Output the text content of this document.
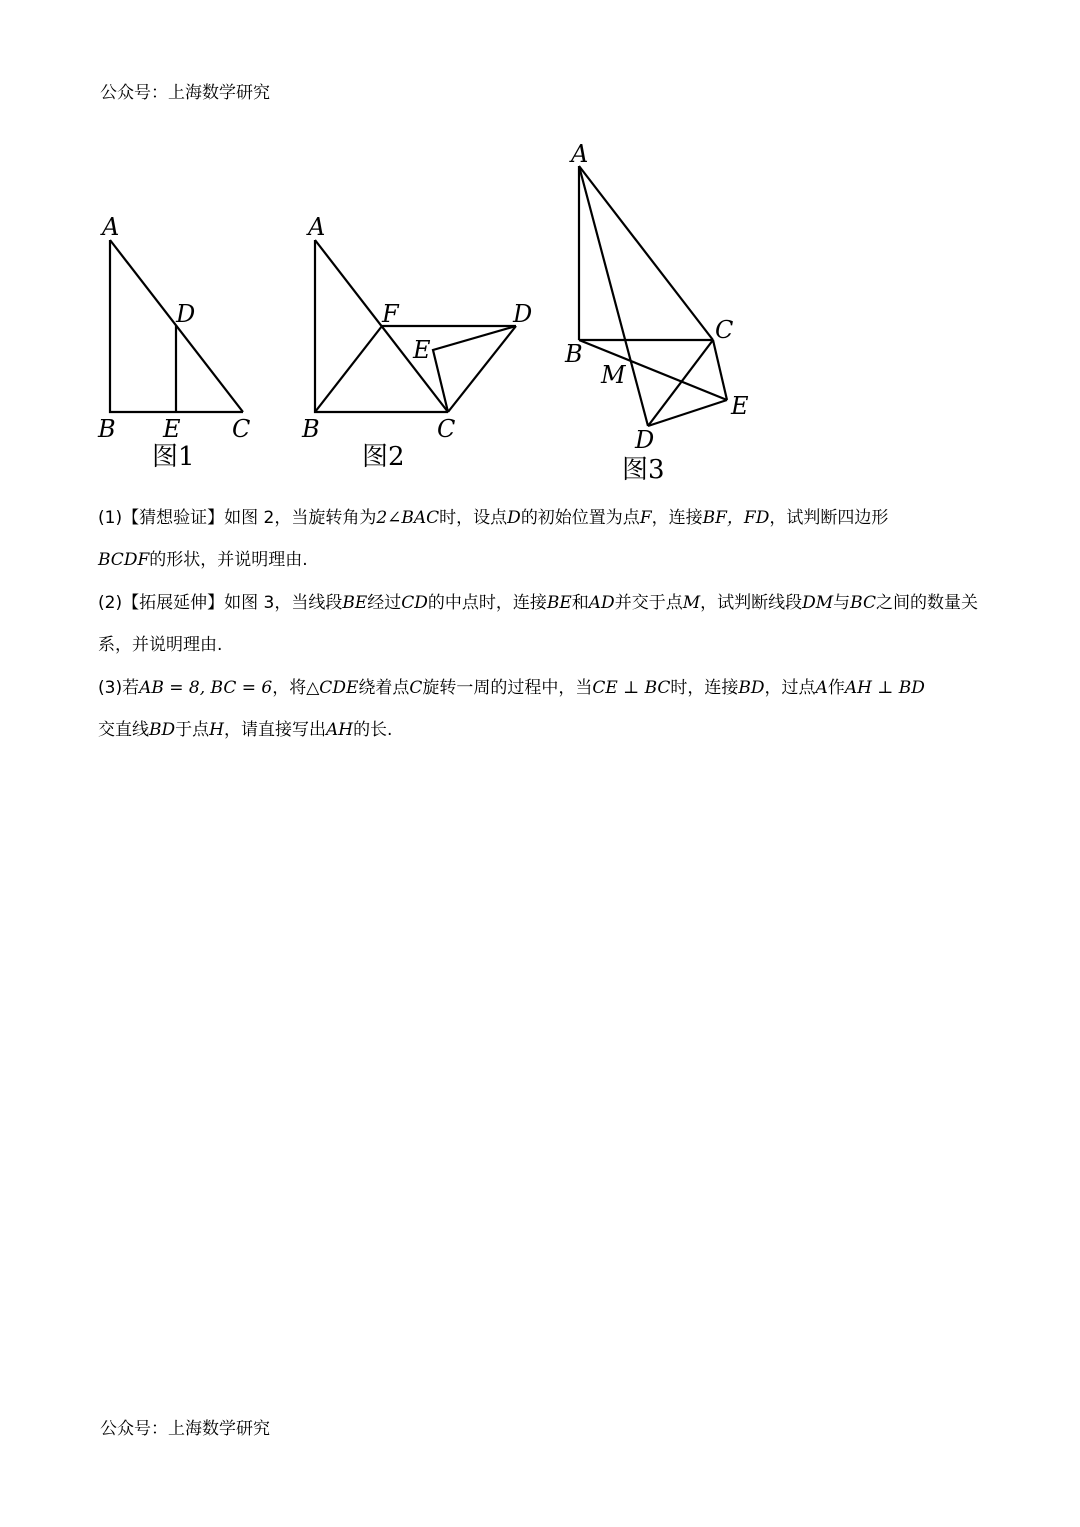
公众号：上海数学研究
A
D
B E C
图1
A
F	D
E
B	C
图2
A
C
B
M
E
D
图3
(1)【猜想验证】如图 2，当旋转角为2∠BAC时，设点D的初始位置为点F，连接BF，FD，试判断四边形
BCDF的形状，并说明理由.
(2)【拓展延伸】如图 3，当线段BE经过CD的中点时，连接BE和AD并交于点M，试判断线段DM与BC之间的数量关系，并说明理由.
(3)若AB = 8, BC = 6，将△CDE绕着点C旋转一周的过程中，当CE ⊥ BC时，连接BD，过点A作AH ⊥ BD
交直线BD于点H，请直接写出AH的长.
公众号：上海数学研究
